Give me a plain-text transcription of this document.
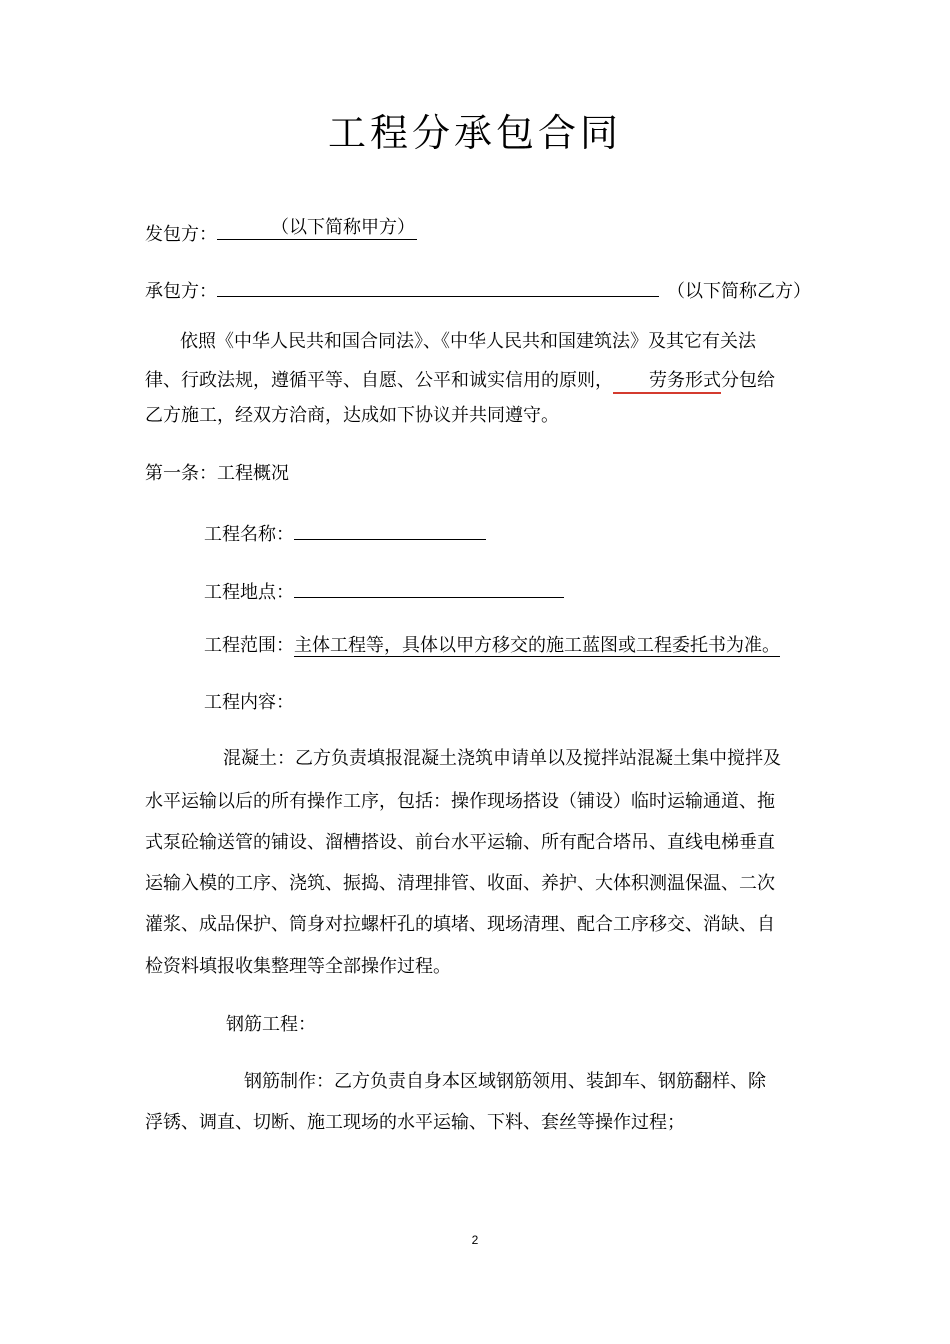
工程分承包合同
发包方：	（以下简称甲方）
承包方：	（以下简称乙方）
依照《中华人民共和国合同法》、《中华人民共和国建筑法》及其它有关法
律、行政法规，遵循平等、自愿、公平和诚实信用的原则， 劳务形式分包给
乙方施工，经双方洽商，达成如下协议并共同遵守。
第一条：工程概况
工程名称：
工程地点：
工程范围：主体工程等，具体以甲方移交的施工蓝图或工程委托书为准。
工程内容：
混凝土：乙方负责填报混凝土浇筑申请单以及搅拌站混凝土集中搅拌及
水平运输以后的所有操作工序，包括：操作现场搭设（铺设）临时运输通道、拖
式泵砼输送管的铺设、溜槽搭设、前台水平运输、所有配合塔吊、直线电梯垂直
运输入模的工序、浇筑、振捣、清理排管、收面、养护、大体积测温保温、二次
灌浆、成品保护、筒身对拉螺杆孔的填堵、现场清理、配合工序移交、消缺、自
检资料填报收集整理等全部操作过程。
钢筋工程：
钢筋制作：乙方负责自身本区域钢筋领用、装卸车、钢筋翻样、除
浮锈、调直、切断、施工现场的水平运输、下料、套丝等操作过程；
2
